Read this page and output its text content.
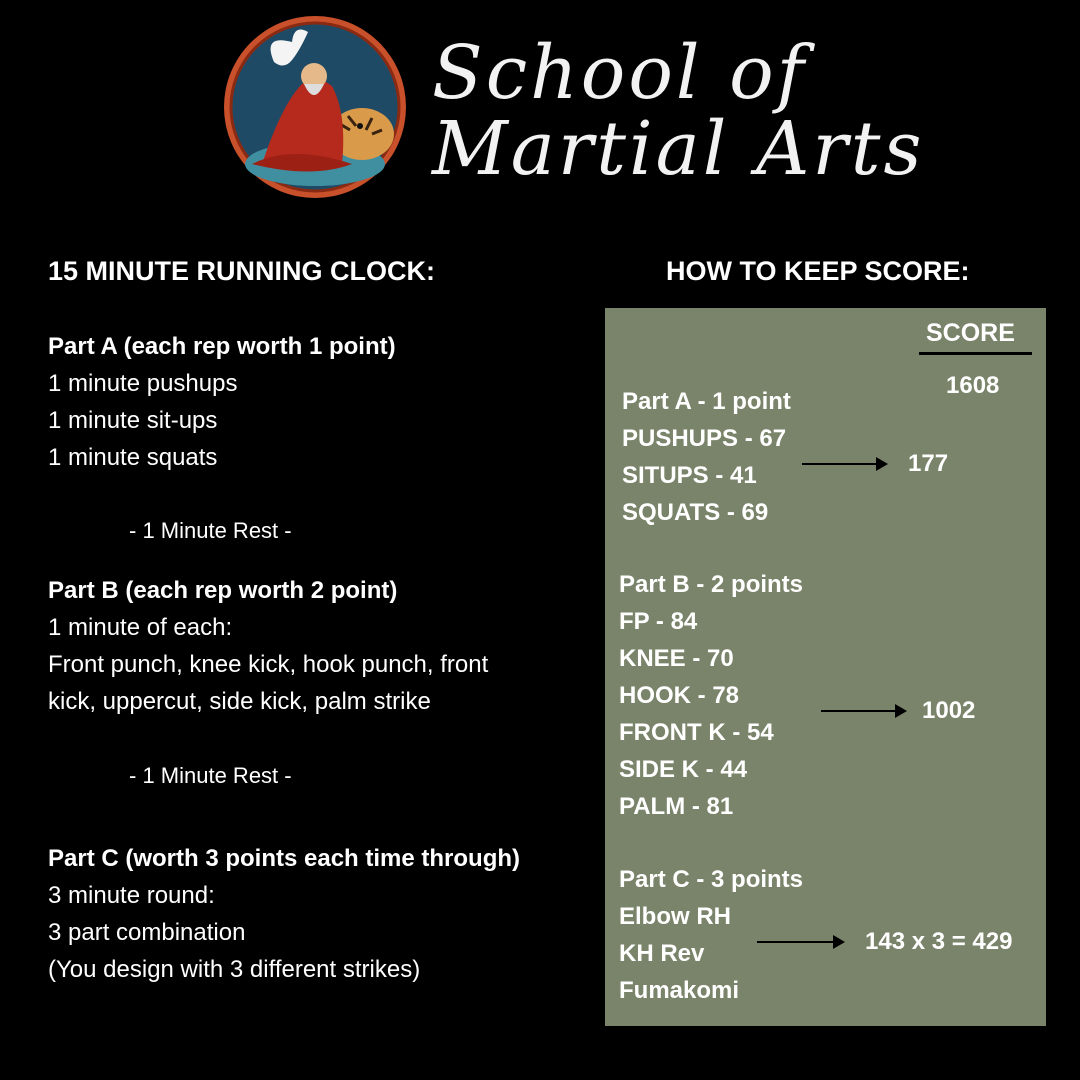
School of
Martial Arts
15 MINUTE RUNNING CLOCK:
Part A (each rep worth 1 point)
1 minute pushups
1 minute sit-ups
1 minute squats
- 1 Minute Rest -
Part B (each rep worth 2 point)
1 minute of each:
Front punch, knee kick, hook punch, front
kick, uppercut, side kick, palm strike
- 1 Minute Rest -
Part C (worth 3 points each time through)
3 minute round:
3 part combination
(You design with 3 different strikes)
HOW TO KEEP SCORE:
SCORE
1608
Part A - 1 point
PUSHUPS - 67
SITUPS - 41
SQUATS - 69
177
Part B - 2 points
FP - 84
KNEE - 70
HOOK - 78
FRONT K - 54
SIDE K - 44
PALM - 81
1002
Part C - 3 points
Elbow RH
KH Rev
Fumakomi
143 x 3 = 429
